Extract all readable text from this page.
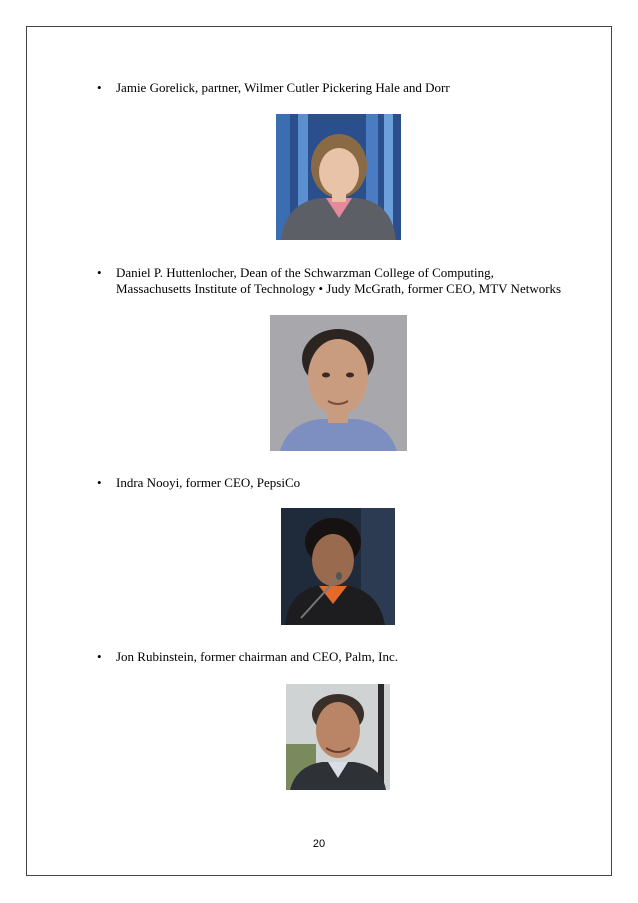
•	Jamie Gorelick, partner, Wilmer Cutler Pickering Hale and Dorr
•	Daniel P. Huttenlocher, Dean of the Schwarzman College of Computing,
Massachusetts Institute of Technology • Judy McGrath, former CEO, MTV Networks
•	Indra Nooyi, former CEO, PepsiCo
•	Jon Rubinstein, former chairman and CEO, Palm, Inc.
20
